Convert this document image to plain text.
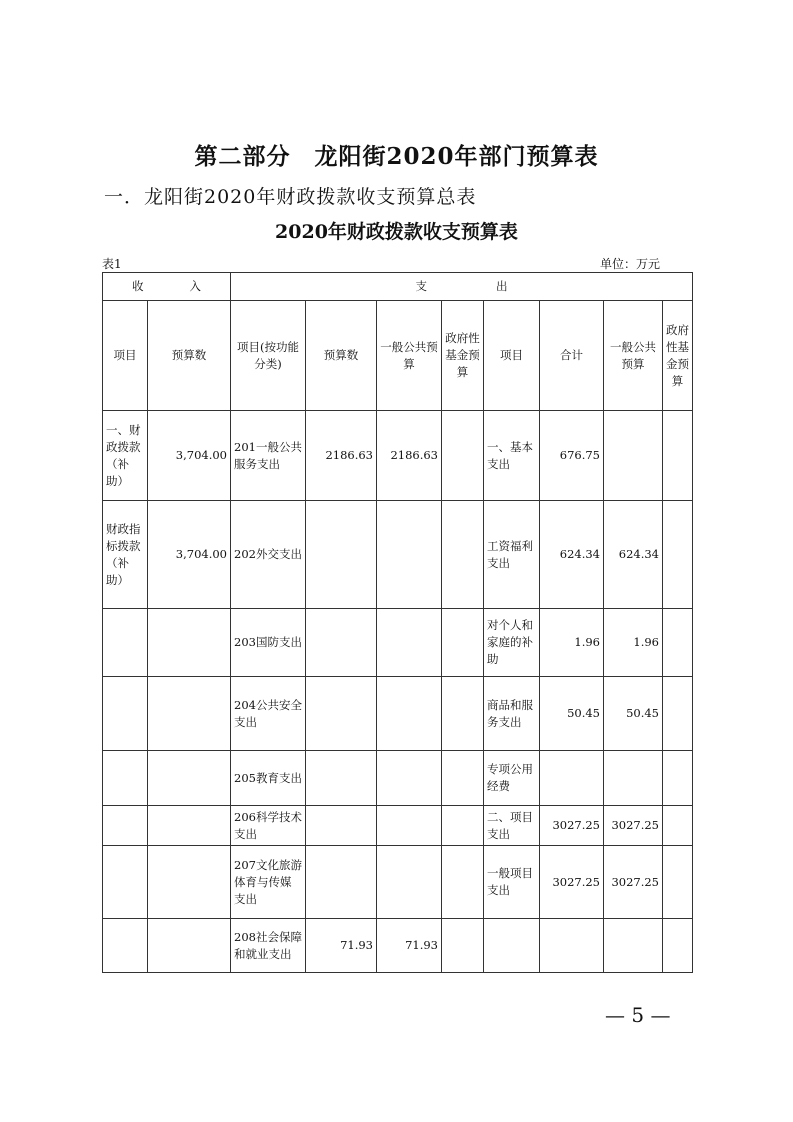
第二部分　龙阳街2020年部门预算表
一．龙阳街2020年财政拨款收支预算总表
2020年财政拨款收支预算表
表1	单位：万元
收　　　　入		支　　　　　　出							
项目	预算数	项目(按功能分类)	预算数	一般公共预算	政府性基金预算	项目	合计	一般公共预算	政府性基金预算
一、财政拨款（补助）	3,704.00	201一般公共服务支出	2186.63	2186.63		一、基本支出	676.75		
财政指标拨款（补助）	3,704.00	202外交支出				工资福利支出	624.34	624.34	
		203国防支出				对个人和家庭的补助	1.96	1.96	
		204公共安全支出				商品和服务支出	50.45	50.45	
		205教育支出				专项公用经费			
		206科学技术支出				二、项目支出	3027.25	3027.25	
		207文化旅游体育与传媒支出				一般项目支出	3027.25	3027.25	
		208社会保障和就业支出	71.93	71.93					
— 5 —
